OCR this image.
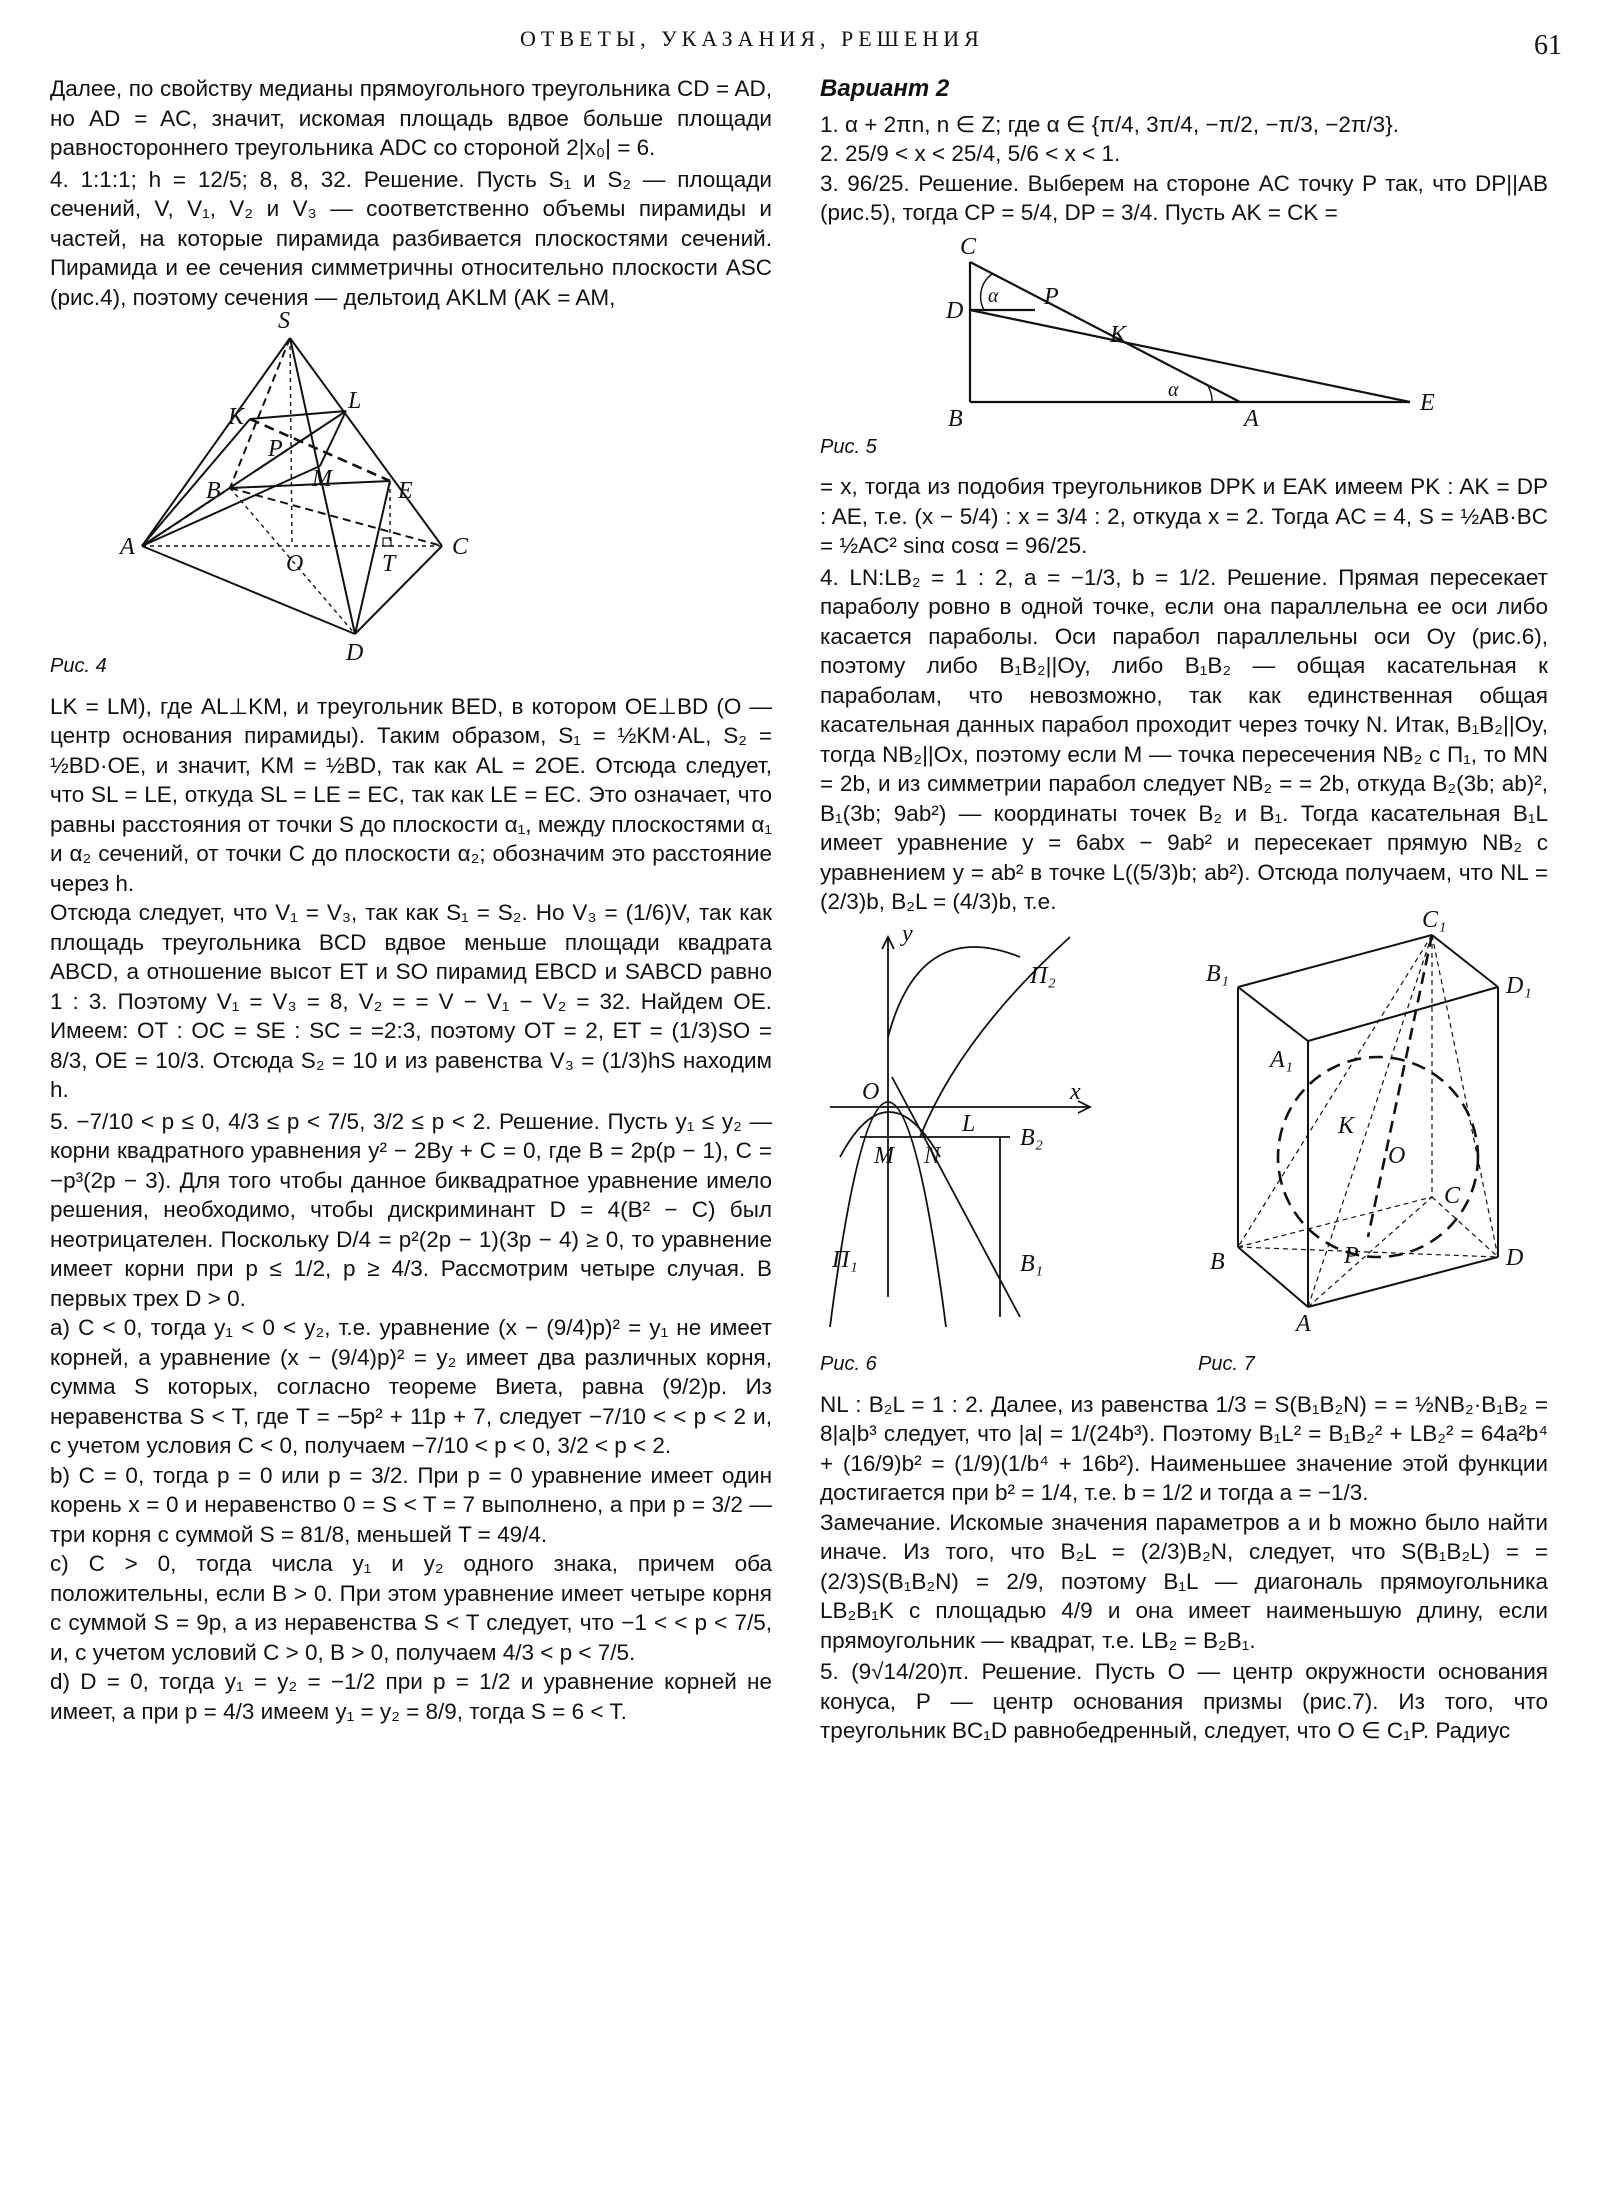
ОТВЕТЫ, УКАЗАНИЯ, РЕШЕНИЯ	61

Далее, по свойству медианы прямоугольного треугольника CD = AD, но AD = AC, значит, искомая площадь вдвое больше площади равностороннего треугольника ADC со стороной 2|x₀| = 6.

4. 1:1:1; h = 12/5; 8, 8, 32. Решение. Пусть S₁ и S₂ — площади сечений, V, V₁, V₂ и V₃ — соответственно объемы пирамиды и частей, на которые пирамида разбивается плоскостями сечений. Пирамида и ее сечения симметричны относительно плоскости ASC (рис.4), поэтому сечения — дельтоид AKLM (AK = AM,

S
K
L
P
M
B	E
A	C
O	T
D

Рис. 4

LK = LM), где AL⊥KM, и треугольник BED, в котором OE⊥BD (O — центр основания пирамиды). Таким образом, S₁ = ½KM·AL, S₂ = ½BD·OE, и значит, KM = ½BD, так как AL = 2OE. Отсюда следует, что SL = LE, откуда SL = LE = EC, так как LE = EC. Это означает, что равны расстояния от точки S до плоскости α₁, между плоскостями α₁ и α₂ сечений, от точки C до плоскости α₂; обозначим это расстояние через h.

Отсюда следует, что V₁ = V₃, так как S₁ = S₂. Но V₃ = (1/6)V, так как площадь треугольника BCD вдвое меньше площади квадрата ABCD, а отношение высот ET и SO пирамид EBCD и SABCD равно 1 : 3. Поэтому V₁ = V₃ = 8, V₂ = = V − V₁ − V₂ = 32. Найдем OE. Имеем: OT : OC = SE : SC = =2:3, поэтому OT = 2, ET = (1/3)SO = 8/3, OE = 10/3. Отсюда S₂ = 10 и из равенства V₃ = (1/3)hS находим h.

5. −7/10 < p ≤ 0, 4/3 ≤ p < 7/5, 3/2 ≤ p < 2. Решение. Пусть y₁ ≤ y₂ — корни квадратного уравнения y² − 2By + C = 0, где B = 2p(p − 1), C = −p³(2p − 3). Для того чтобы данное биквадратное уравнение имело решения, необходимо, чтобы дискриминант D = 4(B² − C) был неотрицателен. Поскольку D/4 = p²(2p − 1)(3p − 4) ≥ 0, то уравнение имеет корни при p ≤ 1/2, p ≥ 4/3. Рассмотрим четыре случая. В первых трех D > 0.

a) C < 0, тогда y₁ < 0 < y₂, т.е. уравнение (x − (9/4)p)² = y₁ не имеет корней, а уравнение (x − (9/4)p)² = y₂ имеет два различных корня, сумма S которых, согласно теореме Виета, равна (9/2)p. Из неравенства S < T, где T = −5p² + 11p + 7, следует −7/10 < < p < 2 и, с учетом условия C < 0, получаем −7/10 < p < 0, 3/2 < p < 2.

b) C = 0, тогда p = 0 или p = 3/2. При p = 0 уравнение имеет один корень x = 0 и неравенство 0 = S < T = 7 выполнено, а при p = 3/2 — три корня с суммой S = 81/8, меньшей T = 49/4.

c) C > 0, тогда числа y₁ и y₂ одного знака, причем оба положительны, если B > 0. При этом уравнение имеет четыре корня с суммой S = 9p, а из неравенства S < T следует, что −1 < < p < 7/5, и, с учетом условий C > 0, B > 0, получаем 4/3 < p < 7/5.

d) D = 0, тогда y₁ = y₂ = −1/2 при p = 1/2 и уравнение корней не имеет, а при p = 4/3 имеем y₁ = y₂ = 8/9, тогда S = 6 < T.

Вариант 2

1. α + 2πn, n ∈ Z; где α ∈ {π/4, 3π/4, −π/2, −π/3, −2π/3}.

2. 25/9 < x < 25/4, 5/6 < x < 1.

3. 96/25. Решение. Выберем на стороне AC точку P так, что DP||AB (рис.5), тогда CP = 5/4, DP = 3/4. Пусть AK = CK =

C
D
α P
K
α
B	A
E

Рис. 5

= x, тогда из подобия треугольников DPK и EAK имеем PK : AK = DP : AE, т.е. (x − 5/4) : x = 3/4 : 2, откуда x = 2. Тогда AC = 4, S = ½AB·BC = ½AC² sinα cosα = 96/25.

4. LN:LB₂ = 1 : 2, a = −1/3, b = 1/2. Решение. Прямая пересекает параболу ровно в одной точке, если она параллельна ее оси либо касается параболы. Оси парабол параллельны оси Oy (рис.6), поэтому либо B₁B₂||Oy, либо B₁B₂ — общая касательная к параболам, что невозможно, так как единственная общая касательная данных парабол проходит через точку N. Итак, B₁B₂||Oy, тогда NB₂||Ox, поэтому если M — точка пересечения NB₂ с Π₁, то MN = 2b, и из симметрии парабол следует NB₂ = = 2b, откуда B₂(3b; ab)², B₁(3b; 9ab²) — координаты точек B₂ и B₁. Тогда касательная B₁L имеет уравнение y = 6abx − 9ab² и пересекает прямую NB₂ с уравнением y = ab² в точке L((5/3)b; ab²). Отсюда получаем, что NL = (2/3)b, B₂L = (4/3)b, т.е.

y
Π₂
O	x
L
M N
B₂
Π₁	B₁

Рис. 6

C₁
B₁	D₁
A₁
K
O
C
B	P	D
A

Рис. 7

NL : B₂L = 1 : 2. Далее, из равенства 1/3 = S(B₁B₂N) = = ½NB₂·B₁B₂ = 8|a|b³ следует, что |a| = 1/(24b³). Поэтому B₁L² = B₁B₂² + LB₂² = 64a²b⁴ + (16/9)b² = (1/9)(1/b⁴ + 16b²). Наименьшее значение этой функции достигается при b² = 1/4, т.е. b = 1/2 и тогда a = −1/3.

Замечание. Искомые значения параметров a и b можно было найти иначе. Из того, что B₂L = (2/3)B₂N, следует, что S(B₁B₂L) = = (2/3)S(B₁B₂N) = 2/9, поэтому B₁L — диагональ прямоугольника LB₂B₁K с площадью 4/9 и она имеет наименьшую длину, если прямоугольник — квадрат, т.е. LB₂ = B₂B₁.

5. (9√14/20)π. Решение. Пусть O — центр окружности основания конуса, P — центр основания призмы (рис.7). Из того, что треугольник BC₁D равнобедренный, следует, что O ∈ C₁P. Радиус
